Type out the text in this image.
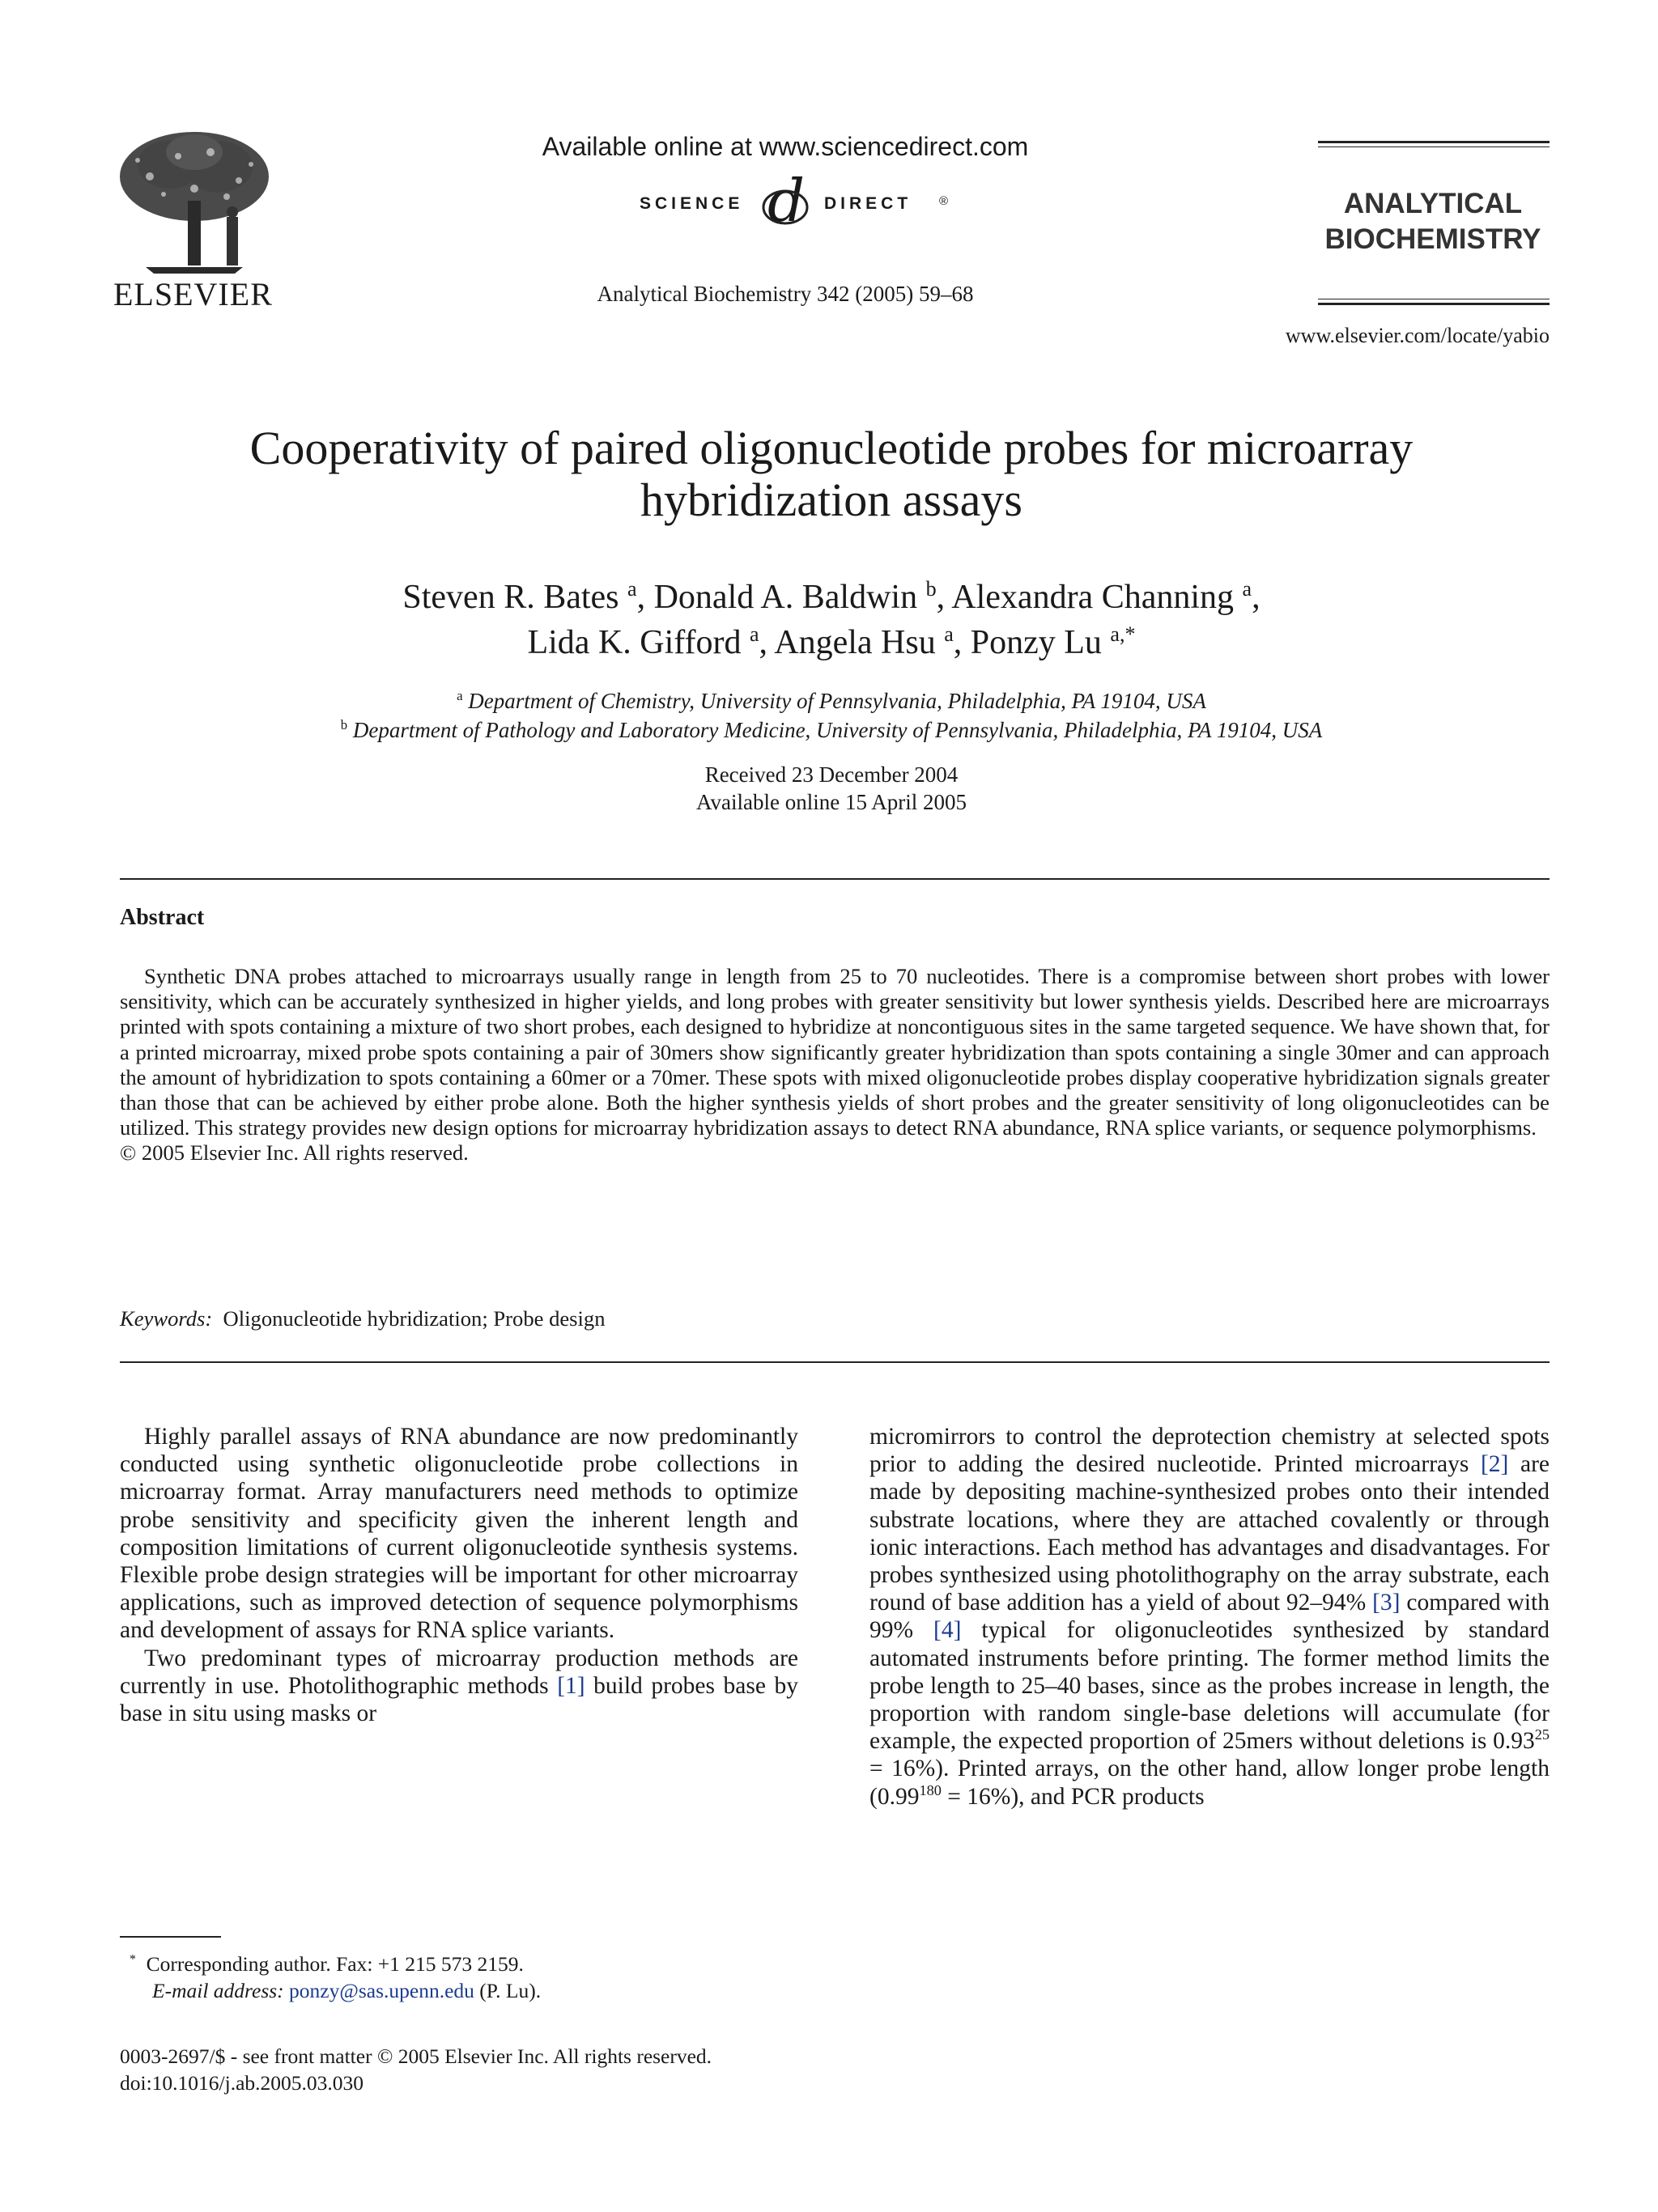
ELSEVIER
Available online at www.sciencedirect.com
SCIENCE d DIRECT ®
Analytical Biochemistry 342 (2005) 59–68
ANALYTICAL
BIOCHEMISTRY
www.elsevier.com/locate/yabio
Cooperativity of paired oligonucleotide probes for microarray
hybridization assays
Steven R. Bates $^a$, Donald A. Baldwin $^b$, Alexandra Channing $^a$,
Lida K. Gifford $^a$, Angela Hsu $^a$, Ponzy Lu $^{a,*}$
$^a$ Department of Chemistry, University of Pennsylvania, Philadelphia, PA 19104, USA
$^b$ Department of Pathology and Laboratory Medicine, University of Pennsylvania, Philadelphia, PA 19104, USA
Received 23 December 2004
Available online 15 April 2005
Abstract

Synthetic DNA probes attached to microarrays usually range in length from 25 to 70 nucleotides. There is a compromise between short probes with lower sensitivity, which can be accurately synthesized in higher yields, and long probes with greater sensitivity but lower synthesis yields. Described here are microarrays printed with spots containing a mixture of two short probes, each designed to hybridize at noncontiguous sites in the same targeted sequence. We have shown that, for a printed microarray, mixed probe spots containing a pair of 30mers show significantly greater hybridization than spots containing a single 30mer and can approach the amount of hybridization to spots containing a 60mer or a 70mer. These spots with mixed oligonucleotide probes display cooperative hybridization signals greater than those that can be achieved by either probe alone. Both the higher synthesis yields of short probes and the greater sensitivity of long oligonucleotides can be utilized. This strategy provides new design options for microarray hybridization assays to detect RNA abundance, RNA splice variants, or sequence polymorphisms.

© 2005 Elsevier Inc. All rights reserved.
Keywords: Oligonucleotide hybridization; Probe design

Highly parallel assays of RNA abundance are now predominantly conducted using synthetic oligonucleotide probe collections in microarray format. Array manufacturers need methods to optimize probe sensitivity and specificity given the inherent length and composition limitations of current oligonucleotide synthesis systems. Flexible probe design strategies will be important for other microarray applications, such as improved detection of sequence polymorphisms and development of assays for RNA splice variants.

Two predominant types of microarray production methods are currently in use. Photolithographic methods [1] build probes base by base in situ using masks or

micromirrors to control the deprotection chemistry at selected spots prior to adding the desired nucleotide. Printed microarrays [2] are made by depositing machine-synthesized probes onto their intended substrate locations, where they are attached covalently or through ionic interactions. Each method has advantages and disadvantages. For probes synthesized using photolithography on the array substrate, each round of base addition has a yield of about 92–94% [3] compared with 99% [4] typical for oligonucleotides synthesized by standard automated instruments before printing. The former method limits the probe length to 25–40 bases, since as the probes increase in length, the proportion with random single-base deletions will accumulate (for example, the expected proportion of 25mers without deletions is $0.93^{25} = 16\%$). Printed arrays, on the other hand, allow longer probe length $(0.99^{180} = 16\%)$, and PCR products

* Corresponding author. Fax: +1 215 573 2159.
E-mail address: ponzy@sas.upenn.edu (P. Lu).
0003-2697/$ - see front matter © 2005 Elsevier Inc. All rights reserved.
doi:10.1016/j.ab.2005.03.030
